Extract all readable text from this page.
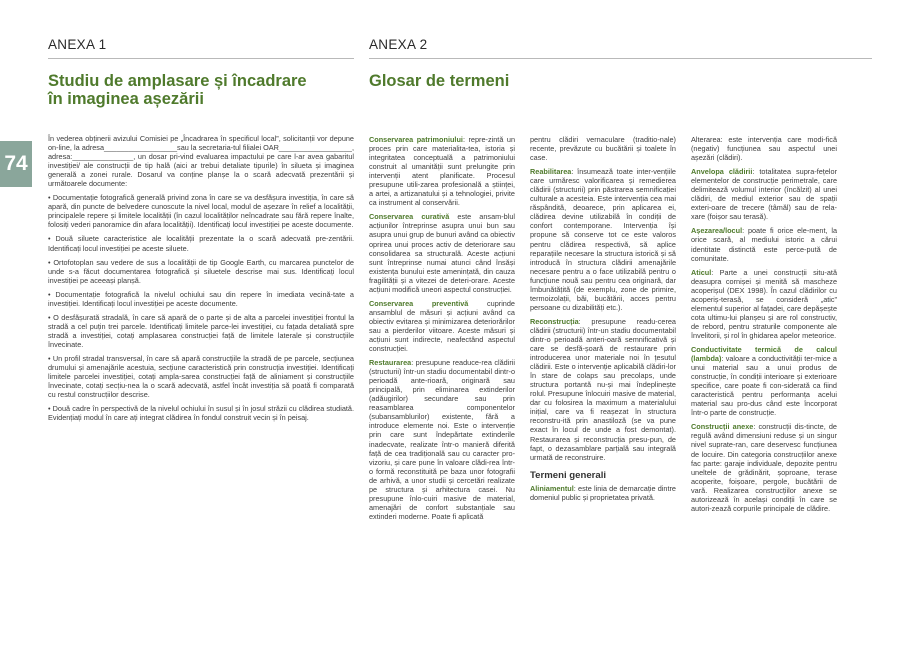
74
ANEXA 1
Studiu de amplasare și încadrare
în imaginea așezării

În vederea obținerii avizului Comisiei pe „Încadrarea în specificul local”, solicitanții vor depune on-line, la adresa__________________sau la secretaria-tul filialei OAR__________________, adresa:_______________, un dosar pri-vind evaluarea impactului pe care l-ar avea gabaritul investiției/ ale construcții de tip hală (aici ar trebui detaliate tipurile) în silueta și imaginea generală a zonei rurale. Dosarul va conține planșe la o scară adecvată prezentării și următoarele documente:

• Documentație fotografică generală privind zona în care se va desfășura investiția, în care să apară, din puncte de belvedere cunoscute la nivel local, modul de așezare în relief a localității, principalele repere și limitele localității (în cazul localităților neîncadrate sau fără repere înalte, folosiți vederi panoramice din afara localității). Identificați locul investiției pe aceste documente.

• Două siluete caracteristice ale localității prezentate la o scară adecvată pre-zentării. Identificați locul investiției pe aceste siluete.

• Ortofotoplan sau vedere de sus a localității de tip Google Earth, cu marcarea punctelor de unde s-a făcut documentarea fotografică și siluetele descrise mai sus. Identificați locul investiției pe aceeași planșă.

• Documentație fotografică la nivelul ochiului sau din repere în imediata vecină-tate a investiției. Identificați locul investiției pe aceste documente.

• O desfășurată stradală, în care să apară de o parte și de alta a parcelei investiției frontul la stradă a cel puțin trei parcele. Identificați limitele parce-lei investiției, cu fațada detaliată spre stradă a investiției, cotați amplasarea construcției față de limitele laterale și construcțiile învecinate.

• Un profil stradal transversal, în care să apară construcțiile la stradă de pe parcele, secțiunea drumului și amenajările acestuia, secțiune caracteristică prin construcția investiției. Identificați limitele parcelei investiției, cotați ampla-sarea construcției față de aliniament și construcțiile învecinate, cotați secțiu-nea la o scară adecvată, astfel încât investiția să poată fi comparată cu restul construcțiilor descrise.

• Două cadre în perspectivă de la nivelul ochiului în susul și în josul străzii cu clădirea studiată. Evidențiați modul în care ați integrat clădirea în fondul construit vecin și în peisaj.

ANEXA 2
Glosar de termeni

Conservarea patrimoniului: repre-zintă un proces prin care materialita-tea, istoria și integritatea conceptuală a patrimoniului construit al umanității sunt prelungite prin intervenții atent planificate. Procesul presupune utili-zarea profesională a științei, a artei, a artizanatului și a tehnologiei, privite ca instrument al conservării.

Conservarea curativă este ansam-blul acțiunilor întreprinse asupra unui bun sau asupra unui grup de bunuri având ca obiectiv oprirea unui proces activ de deteriorare sau consolidarea sa structurală. Aceste acțiuni sunt întreprinse numai atunci când însăși existența bunului este amenințată, din cauza fragilității și a vitezei de deteri-orare. Aceste acțiuni modifică uneori aspectul construcției.

Conservarea preventivă cuprinde ansamblul de măsuri și acțiuni având ca obiectiv evitarea și minimizarea deteriorărilor sau a pierderilor viitoare. Aceste măsuri și acțiuni sunt indirecte, neafectând aspectul construcției.

Restaurarea: presupune readuce-rea clădirii (structurii) într-un stadiu documentabil dintr-o perioadă ante-rioară, originară sau principală, prin eliminarea extinderilor (adăugirilor) secundare sau prin reasamblarea componentelor (subansamblurilor) existente, fără a introduce elemente noi. Este o intervenție prin care sunt îndepărtate extinderile inadecvate, realizate într-o manieră diferită față de cea tradițională sau cu caracter pro-vizoriu, și care pune în valoare clădi-rea într-o formă reconstituită pe baza unor fotografii de arhivă, a unor studii și cercetări realizate pe structura și arhitectura casei. Nu presupune înlo-cuiri masive de material, amenajări de confort substanțiale sau extinderi moderne. Poate fi aplicată

pentru clădiri vernaculare (traditio-nale) recente, prevăzute cu bucătării și toalete în case.

Reabilitarea: însumează toate inter-vențiile care urmăresc valorificarea și remedierea clădirii (structurii) prin păstrarea semnificației culturale a acesteia. Este intervenția cea mai răspândită, deoarece, prin aplicarea ei, clădirea devine utilizabilă în condiții de confort contemporane. Intervenția își propune să conserve tot ce este valoros pentru clădirea respectivă, să aplice reparațiile necesare la structura istorică și să introducă în structura clădirii amenajările necesare pentru a o face utilizabilă pentru o funcțiune nouă sau pentru cea originară, dar îmbunătățită (de exemplu, zone de primire, termoizolații, băi, bucătării, acces pentru persoane cu dizabilități etc.).

Reconstrucția: presupune readu-cerea clădirii (structurii) într-un stadiu documentabil dintr-o perioadă anteri-oară semnificativă și care se desfă-șoară de restaurare prin introducerea unor materiale noi în țesutul clădirii. Este o intervenție aplicabilă clădiri-lor în stare de colaps sau precolaps, unde structura portantă nu-și mai îndeplinește rolul. Presupune înlocuiri masive de material, dar cu folosirea la maximum a materialului inițial, care va fi reașezat în structura reconstru-ită prin anastiloză (se va pune exact în locul de unde a fost demontat). Restaurarea și reconstrucția presu-pun, de fapt, o dezasamblare parțială sau integrală urmată de reconstruire.

Termeni generali

Aliniamentul: este linia de demarcație dintre domeniul public și proprietatea privată.

Alterarea: este intervenția care modi-fică (negativ) funcțiunea sau aspectul unei așezări (clădiri).

Anvelopa clădirii: totalitatea supra-fețelor elementelor de construcție perimetrale, care delimitează volumul interior (încălzit) al unei clădiri, de mediul exterior sau de spații exteri-oare de trecere (tâmăl) sau de rela-xare (foișor sau terasă).

Așezarea/locul: poate fi orice ele-ment, la orice scară, al mediului istoric a cărui identitate distinctă este perce-pută de comunitate.

Aticul: Parte a unei construcții situ-ată deasupra cornișei și menită să mascheze acoperișul (DEX 1998). În cazul clădirilor cu acoperiș-terasă, se consideră „atic” elementul superior al fațadei, care depășește cota ultimu-lui planșeu și are rol constructiv, de rebord, pentru straturile componente ale învelitorii, și rol în ghidarea apelor meteorice.

Conductivitate termică de calcul (lambda): valoare a conductivității ter-mice a unui material sau a unui produs de construcție, în condiții interioare și exterioare specifice, care poate fi con-siderată ca fiind caracteristică pentru performanța acelui material sau pro-dus când este încorporat într-o parte de construcție.

Construcții anexe: construcții dis-tincte, de regulă având dimensiuni reduse și un singur nivel suprate-ran, care deservesc funcțiunea de locuire. Din categoria construcțiilor anexe fac parte: garaje individuale, depozite pentru uneltele de grădinărit, șoproane, terase acoperite, foișoare, pergole, bucătării de vară. Realizarea construcțiilor anexe se autorizează în același condiții în care se autori-zează corpurile principale de clădire.
